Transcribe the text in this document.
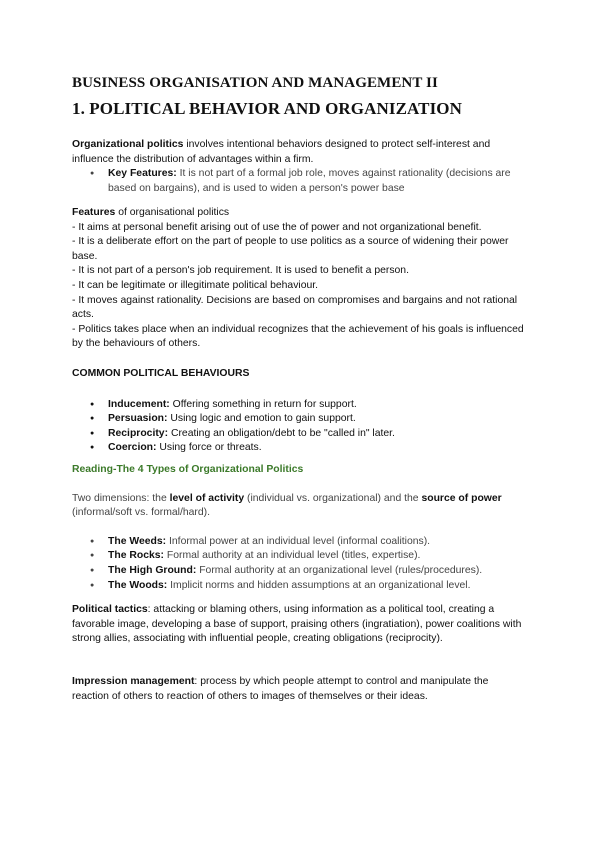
BUSINESS ORGANISATION AND MANAGEMENT II
1. POLITICAL BEHAVIOR AND ORGANIZATION

Organizational politics involves intentional behaviors designed to protect self-interest and influence the distribution of advantages within a firm.

● Key Features: It is not part of a formal job role, moves against rationality (decisions are based on bargains), and is used to widen a person's power base

Features of organisational politics

- It aims at personal benefit arising out of use the of power and not organizational benefit.

- It is a deliberate effort on the part of people to use politics as a source of widening their power base.

- It is not part of a person's job requirement. It is used to benefit a person.

- It can be legitimate or illegitimate political behaviour.

- It moves against rationality. Decisions are based on compromises and bargains and not rational acts.

- Politics takes place when an individual recognizes that the achievement of his goals is influenced by the behaviours of others.

COMMON POLITICAL BEHAVIOURS

● Inducement: Offering something in return for support.
● Persuasion: Using logic and emotion to gain support.
● Reciprocity: Creating an obligation/debt to be "called in" later.
● Coercion: Using force or threats.

Reading-The 4 Types of Organizational Politics

Two dimensions: the level of activity (individual vs. organizational) and the source of power (informal/soft vs. formal/hard).

● The Weeds: Informal power at an individual level (informal coalitions).
● The Rocks: Formal authority at an individual level (titles, expertise).
● The High Ground: Formal authority at an organizational level (rules/procedures).
● The Woods: Implicit norms and hidden assumptions at an organizational level.

Political tactics: attacking or blaming others, using information as a political tool, creating a favorable image, developing a base of support, praising others (ingratiation), power coalitions with strong allies, associating with influential people, creating obligations (reciprocity).

Impression management: process by which people attempt to control and manipulate the reaction of others to reaction of others to images of themselves or their ideas.
